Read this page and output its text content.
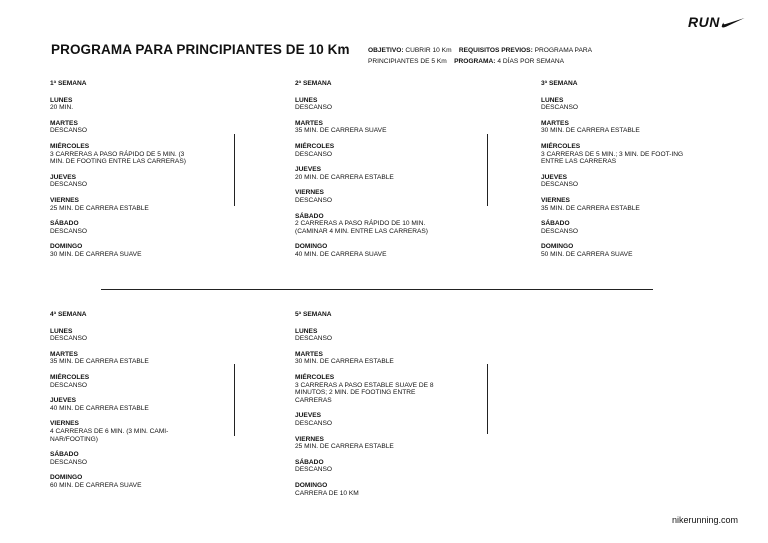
PROGRAMA PARA PRINCIPIANTES DE 10 Km	OBJETIVO: CUBRIR 10 Km REQUISITOS PREVIOS: PROGRAMA PARA
PRINCIPIANTES DE 5 Km PROGRAMA: 4 DÍAS POR SEMANA
RUN
1ª SEMANA
LUNES
20 MIN.
MARTES
DESCANSO
MIÉRCOLES
3 CARRERAS A PASO RÁPIDO DE 5 MIN. (3 MIN. DE FOOTING ENTRE LAS CARRERAS)
JUEVES
DESCANSO
VIERNES
25 MIN. DE CARRERA ESTABLE
SÁBADO
DESCANSO
DOMINGO
30 MIN. DE CARRERA SUAVE
2ª SEMANA
LUNES
DESCANSO
MARTES
35 MIN. DE CARRERA SUAVE
MIÉRCOLES
DESCANSO
JUEVES
20 MIN. DE CARRERA ESTABLE
VIERNES
DESCANSO
SÁBADO
2 CARRERAS A PASO RÁPIDO DE 10 MIN. (CAMINAR 4 MIN. ENTRE LAS CARRERAS)
DOMINGO
40 MIN. DE CARRERA SUAVE
3ª SEMANA
LUNES
DESCANSO
MARTES
30 MIN. DE CARRERA ESTABLE
MIÉRCOLES
3 CARRERAS DE 5 MIN.; 3 MIN. DE FOOT-ING ENTRE LAS CARRERAS
JUEVES
DESCANSO
VIERNES
35 MIN. DE CARRERA ESTABLE
SÁBADO
DESCANSO
DOMINGO
50 MIN. DE CARRERA SUAVE
4ª SEMANA
LUNES
DESCANSO
MARTES
35 MIN. DE CARRERA ESTABLE
MIÉRCOLES
DESCANSO
JUEVES
40 MIN. DE CARRERA ESTABLE
VIERNES
4 CARRERAS DE 6 MIN. (3 MIN. CAMI-NAR/FOOTING)
SÁBADO
DESCANSO
DOMINGO
60 MIN. DE CARRERA SUAVE
5ª SEMANA
LUNES
DESCANSO
MARTES
30 MIN. DE CARRERA ESTABLE
MIÉRCOLES
3 CARRERAS A PASO ESTABLE SUAVE DE 8 MINUTOS; 2 MIN. DE FOOTING ENTRE CARRERAS
JUEVES
DESCANSO
VIERNES
25 MIN. DE CARRERA ESTABLE
SÁBADO
DESCANSO
DOMINGO
CARRERA DE 10 KM
nikerunning.com
